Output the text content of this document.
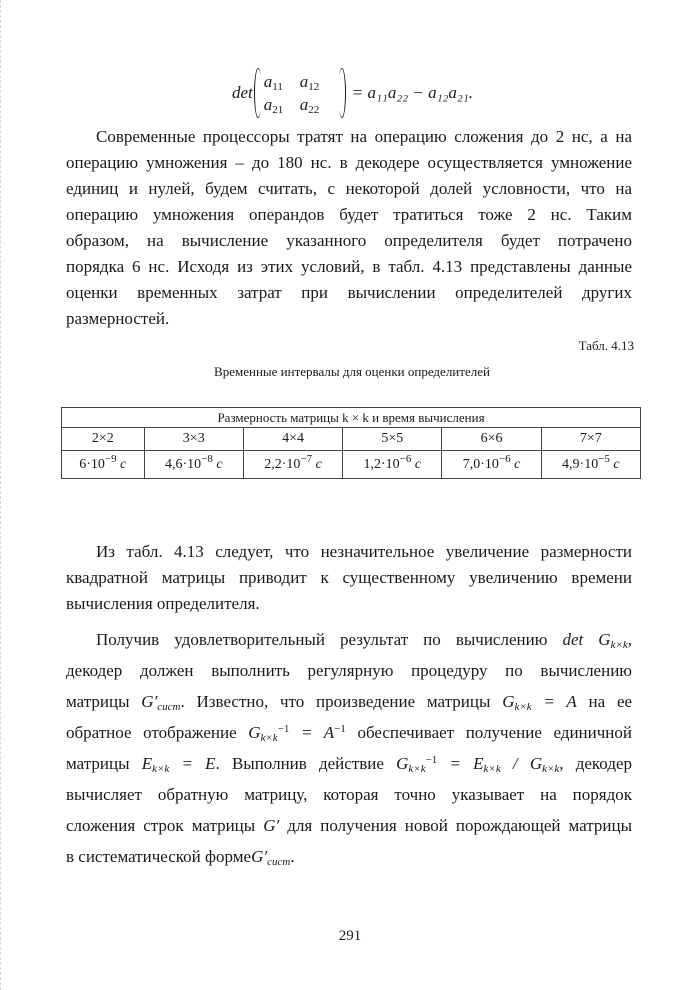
det
$a_{11}$ $a_{12}$
$a_{21}$ $a_{22}$
= a₁₁a₂₂ − a₁₂a₂₁.
Современные процессоры тратят на операцию сложения до 2 нс, а на
операцию умножения – до 180 нс. в декодере осуществляется умножение
единиц и нулей, будем считать, с некоторой долей условности, что на
операцию умножения операндов будет тратиться тоже 2 нс. Таким
образом, на вычисление указанного определителя будет потрачено
порядка 6 нс. Исходя из этих условий, в табл. 4.13 представлены данные
оценки временных затрат при вычислении определителей других
размерностей.
Табл. 4.13
Временные интервалы для оценки определителей
Размерность матрицы k × k и время вычисления					
2×2	3×3	4×4	5×5	6×6	7×7
$6\cdot 10^{-9}$ c	$4,6\cdot 10^{-8}$ c	$2,2\cdot 10^{-7}$ c	$1,2\cdot 10^{-6}$ c	$7,0\cdot 10^{-6}$ c	$4,9\cdot 10^{-5}$ c
Из табл. 4.13 следует, что незначительное увеличение размерности
квадратной матрицы приводит к существенному увеличению времени
вычисления определителя.
Получив удовлетворительный результат по вычислению $\det G_{k\times k}$,
декодер должен выполнить регулярную процедуру по вычислению
матрицы $G'_{сист}$. Известно, что произведение матрицы $G_{k\times k} = A$ на ее
обратное отображение $G_{k\times k}^{-1} = A^{-1}$ обеспечивает получение единичной
матрицы $E_{k\times k} = E$. Выполнив действие $G_{k\times k}^{-1} = E_{k\times k} / G_{k\times k}$, декодер
вычисляет обратную матрицу, которая точно указывает на порядок
сложения строк матрицы G′ для получения новой порождающей матрицы
в систематической $формеG'_{сист}$.
291
